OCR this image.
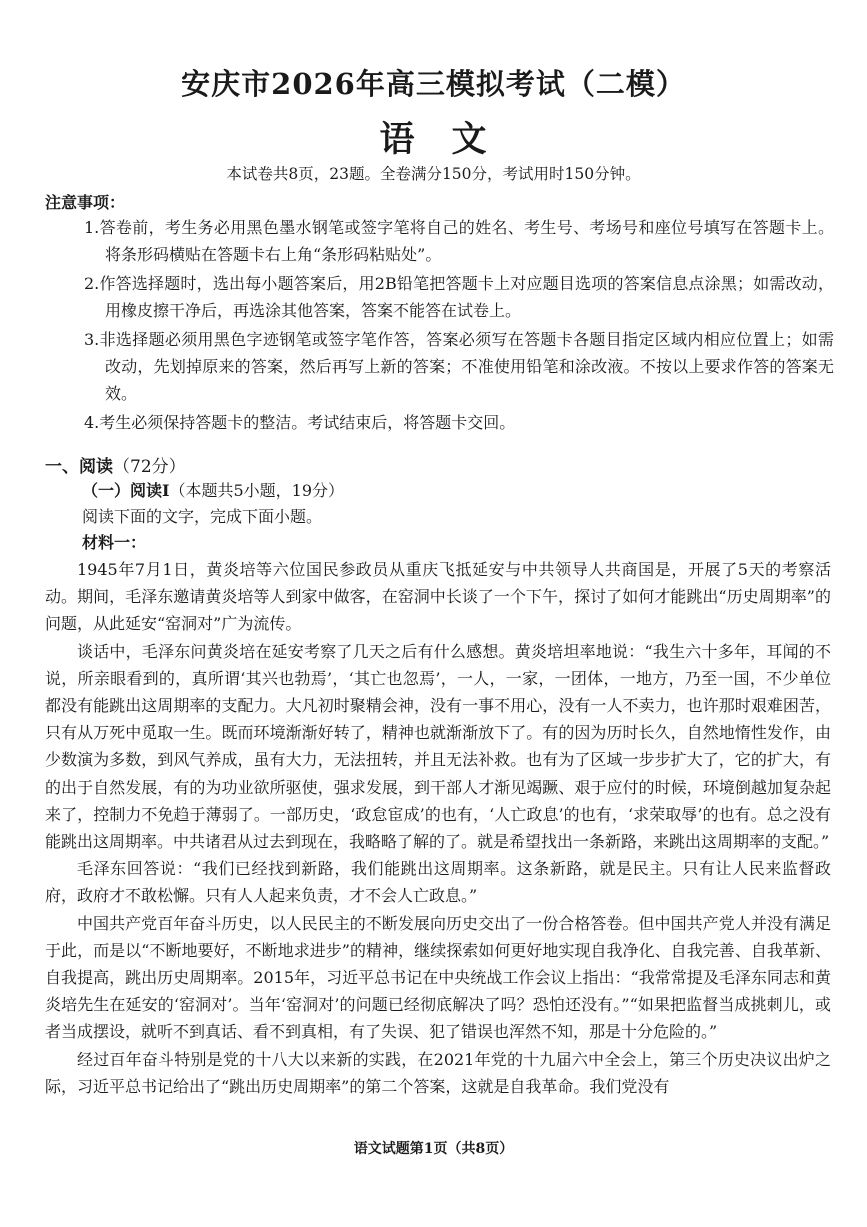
安庆市2026年高三模拟考试（二模）
语　文
本试卷共8页，23题。全卷满分150分，考试用时150分钟。
注意事项：
1.答卷前，考生务必用黑色墨水钢笔或签字笔将自己的姓名、考生号、考场号和座位号填写在答题卡上。将条形码横贴在答题卡右上角“条形码粘贴处”。
2.作答选择题时，选出每小题答案后，用2B铅笔把答题卡上对应题目选项的答案信息点涂黑；如需改动，用橡皮擦干净后，再选涂其他答案，答案不能答在试卷上。
3.非选择题必须用黑色字迹钢笔或签字笔作答，答案必须写在答题卡各题目指定区域内相应位置上；如需改动，先划掉原来的答案，然后再写上新的答案；不准使用铅笔和涂改液。不按以上要求作答的答案无效。
4.考生必须保持答题卡的整洁。考试结束后，将答题卡交回。
一、阅读（72分）
（一）阅读Ⅰ（本题共5小题，19分）
阅读下面的文字，完成下面小题。
材料一：

1945年7月1日，黄炎培等六位国民参政员从重庆飞抵延安与中共领导人共商国是，开展了5天的考察活动。期间，毛泽东邀请黄炎培等人到家中做客，在窑洞中长谈了一个下午，探讨了如何才能跳出“历史周期率”的问题，从此延安“窑洞对”广为流传。

谈话中，毛泽东问黄炎培在延安考察了几天之后有什么感想。黄炎培坦率地说：“我生六十多年，耳闻的不说，所亲眼看到的，真所谓‘其兴也勃焉’，‘其亡也忽焉’，一人，一家，一团体，一地方，乃至一国，不少单位都没有能跳出这周期率的支配力。大凡初时聚精会神，没有一事不用心，没有一人不卖力，也许那时艰难困苦，只有从万死中觅取一生。既而环境渐渐好转了，精神也就渐渐放下了。有的因为历时长久，自然地惰性发作，由少数演为多数，到风气养成，虽有大力，无法扭转，并且无法补救。也有为了区域一步步扩大了，它的扩大，有的出于自然发展，有的为功业欲所驱使，强求发展，到干部人才渐见竭蹶、艰于应付的时候，环境倒越加复杂起来了，控制力不免趋于薄弱了。一部历史，‘政怠宦成’的也有，‘人亡政息’的也有，‘求荣取辱’的也有。总之没有能跳出这周期率。中共诸君从过去到现在，我略略了解的了。就是希望找出一条新路，来跳出这周期率的支配。”

毛泽东回答说：“我们已经找到新路，我们能跳出这周期率。这条新路，就是民主。只有让人民来监督政府，政府才不敢松懈。只有人人起来负责，才不会人亡政息。”

中国共产党百年奋斗历史，以人民民主的不断发展向历史交出了一份合格答卷。但中国共产党人并没有满足于此，而是以“不断地要好，不断地求进步”的精神，继续探索如何更好地实现自我净化、自我完善、自我革新、自我提高，跳出历史周期率。2015年，习近平总书记在中央统战工作会议上指出：“我常常提及毛泽东同志和黄炎培先生在延安的‘窑洞对’。当年‘窑洞对’的问题已经彻底解决了吗？恐怕还没有。”“如果把监督当成挑刺儿，或者当成摆设，就听不到真话、看不到真相，有了失误、犯了错误也浑然不知，那是十分危险的。”

经过百年奋斗特别是党的十八大以来新的实践，在2021年党的十九届六中全会上，第三个历史决议出炉之际，习近平总书记给出了“跳出历史周期率”的第二个答案，这就是自我革命。我们党没有

语文试题第1页（共8页）
